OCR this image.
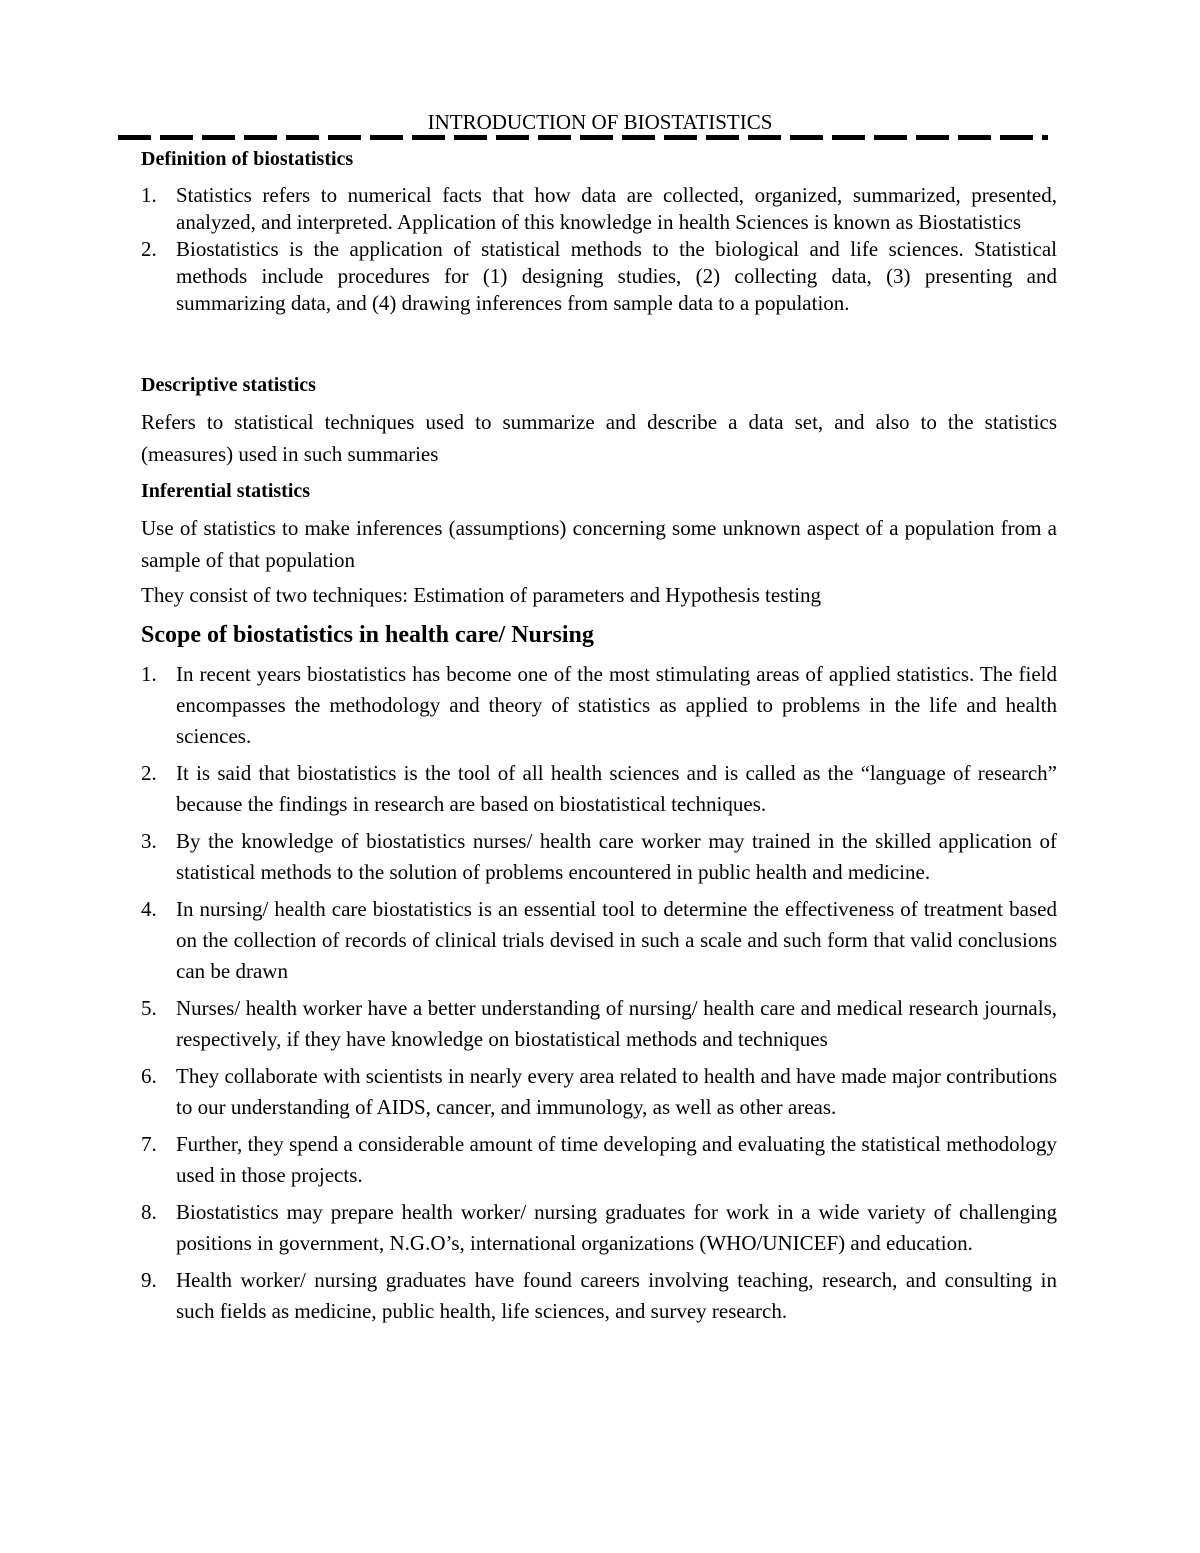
INTRODUCTION OF BIOSTATISTICS
Definition of biostatistics
1. Statistics refers to numerical facts that how data are collected, organized, summarized, presented, analyzed, and interpreted. Application of this knowledge in health Sciences is known as Biostatistics
2. Biostatistics is the application of statistical methods to the biological and life sciences. Statistical methods include procedures for (1) designing studies, (2) collecting data, (3) presenting and summarizing data, and (4) drawing inferences from sample data to a population.
Descriptive statistics

Refers to statistical techniques used to summarize and describe a data set, and also to the statistics (measures) used in such summaries

Inferential statistics

Use of statistics to make inferences (assumptions) concerning some unknown aspect of a population from a sample of that population

They consist of two techniques: Estimation of parameters and Hypothesis testing

Scope of biostatistics in health care/ Nursing
1. In recent years biostatistics has become one of the most stimulating areas of applied statistics. The field encompasses the methodology and theory of statistics as applied to problems in the life and health sciences.
2. It is said that biostatistics is the tool of all health sciences and is called as the “language of research” because the findings in research are based on biostatistical techniques.
3. By the knowledge of biostatistics nurses/ health care worker may trained in the skilled application of statistical methods to the solution of problems encountered in public health and medicine.
4. In nursing/ health care biostatistics is an essential tool to determine the effectiveness of treatment based on the collection of records of clinical trials devised in such a scale and such form that valid conclusions can be drawn
5. Nurses/ health worker have a better understanding of nursing/ health care and medical research journals, respectively, if they have knowledge on biostatistical methods and techniques
6. They collaborate with scientists in nearly every area related to health and have made major contributions to our understanding of AIDS, cancer, and immunology, as well as other areas.
7. Further, they spend a considerable amount of time developing and evaluating the statistical methodology used in those projects.
8. Biostatistics may prepare health worker/ nursing graduates for work in a wide variety of challenging positions in government, N.G.O’s, international organizations (WHO/UNICEF) and education.
9. Health worker/ nursing graduates have found careers involving teaching, research, and consulting in such fields as medicine, public health, life sciences, and survey research.
